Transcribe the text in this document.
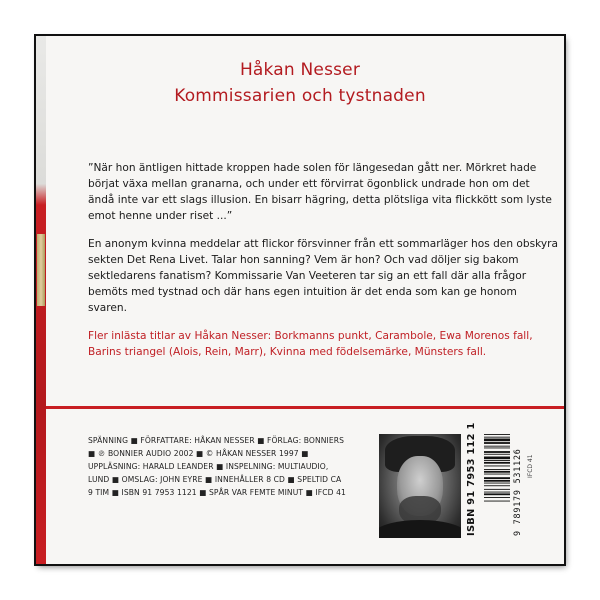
Håkan Nesser
Kommissarien och tystnaden
”När hon äntligen hittade kroppen hade solen för längesedan gått ner. Mörkret hade börjat växa mellan granarna, och under ett förvirrat ögonblick undrade hon om det ändå inte var ett slags illusion. En bisarr hägring, detta plötsliga vita flickkött som lyste emot henne under riset ...”
En anonym kvinna meddelar att flickor försvinner från ett sommarläger hos den obskyra sekten Det Rena Livet. Talar hon sanning? Vem är hon? Och vad döljer sig bakom sektledarens fanatism? Kommissarie Van Veeteren tar sig an ett fall där alla frågor bemöts med tystnad och där hans egen intuition är det enda som kan ge honom svaren.
Fler inlästa titlar av Håkan Nesser: Borkmanns punkt, Carambole, Ewa Morenos fall, Barins triangel (Alois, Rein, Marr), Kvinna med födelsemärke, Münsters fall.
SPÄNNING ■ FÖRFATTARE: HÅKAN NESSER ■ FÖRLAG: BONNIERS ■ ℗ BONNIER AUDIO 2002 ■ © HÅKAN NESSER 1997 ■ UPPLÄSNING: HARALD LEANDER ■ INSPELNING: MULTIAUDIO, LUND ■ OMSLAG: JOHN EYRE ■ INNEHÅLLER 8 CD ■ SPELTID CA 9 TIM ■ ISBN 91 7953 1121 ■ SPÅR VAR FEMTE MINUT ■ IFCD 41	ISBN 91 7953 112 1	9 789179 531126 IFCD 41
